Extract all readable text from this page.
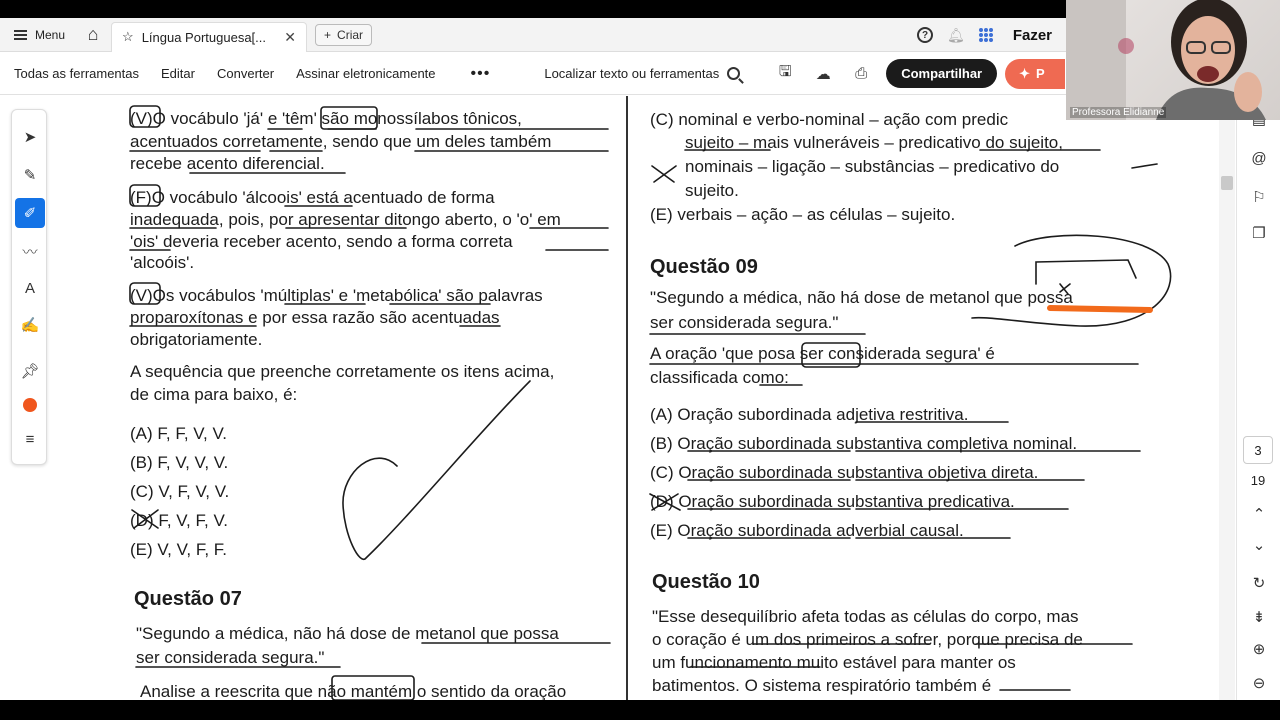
Menu ⌂ ☆ Língua Portuguesa[...	✕ + Criar	?	🔔︎	Fazer
Todas as ferramentas	Editar	Converter	Assinar eletronicamente	•••	Localizar texto ou ferramentas	🖫	☁︎	⎙	Compartilhar	✦ P
(V)O vocábulo 'já' e 'têm' são monossílabos tônicos,
acentuados corretamente, sendo que um deles também
recebe acento diferencial.
(F)O vocábulo 'álcoois' está acentuado de forma
inadequada, pois, por apresentar ditongo aberto, o 'o' em
'ois' deveria receber acento, sendo a forma correta
'alcoóis'.
(V)Os vocábulos 'múltiplas' e 'metabólica' são palavras
proparoxítonas e por essa razão são acentuadas
obrigatoriamente.
A sequência que preenche corretamente os itens acima,
de cima para baixo, é:
(A) F, F, V, V.
(B) F, V, V, V.
(C) V, F, V, V.
(D) F, V, F, V.
(E) V, V, F, F.
Questão 07
"Segundo a médica, não há dose de metanol que possa
ser considerada segura."
Analise a reescrita que não mantém o sentido da oração
(C) nominal e verbo-nominal – ação com predic
sujeito – mais vulneráveis – predicativo do sujeito,
nominais – ligação – substâncias – predicativo do
sujeito.
(E) verbais – ação – as células – sujeito.
Questão 09
"Segundo a médica, não há dose de metanol que possa
ser considerada segura."
A oração 'que posa ser considerada segura' é
classificada como:
(A) Oração subordinada adjetiva restritiva.
(B) Oração subordinada substantiva completiva nominal.
(C) Oração subordinada substantiva objetiva direta.
(D) Oração subordinada substantiva predicativa.
(E) Oração subordinada adverbial causal.
Questão 10
"Esse desequilíbrio afeta todas as células do corpo, mas
o coração é um dos primeiros a sofrer, porque precisa de
um funcionamento muito estável para manter os
batimentos. O sistema respiratório também é
➤
✎
✐
〰
A
✍
📌︎
≡
@
⚐
❐
⌃
⌄
↻
⇟
⊕
⊖
3
19
Professora Elidianne
